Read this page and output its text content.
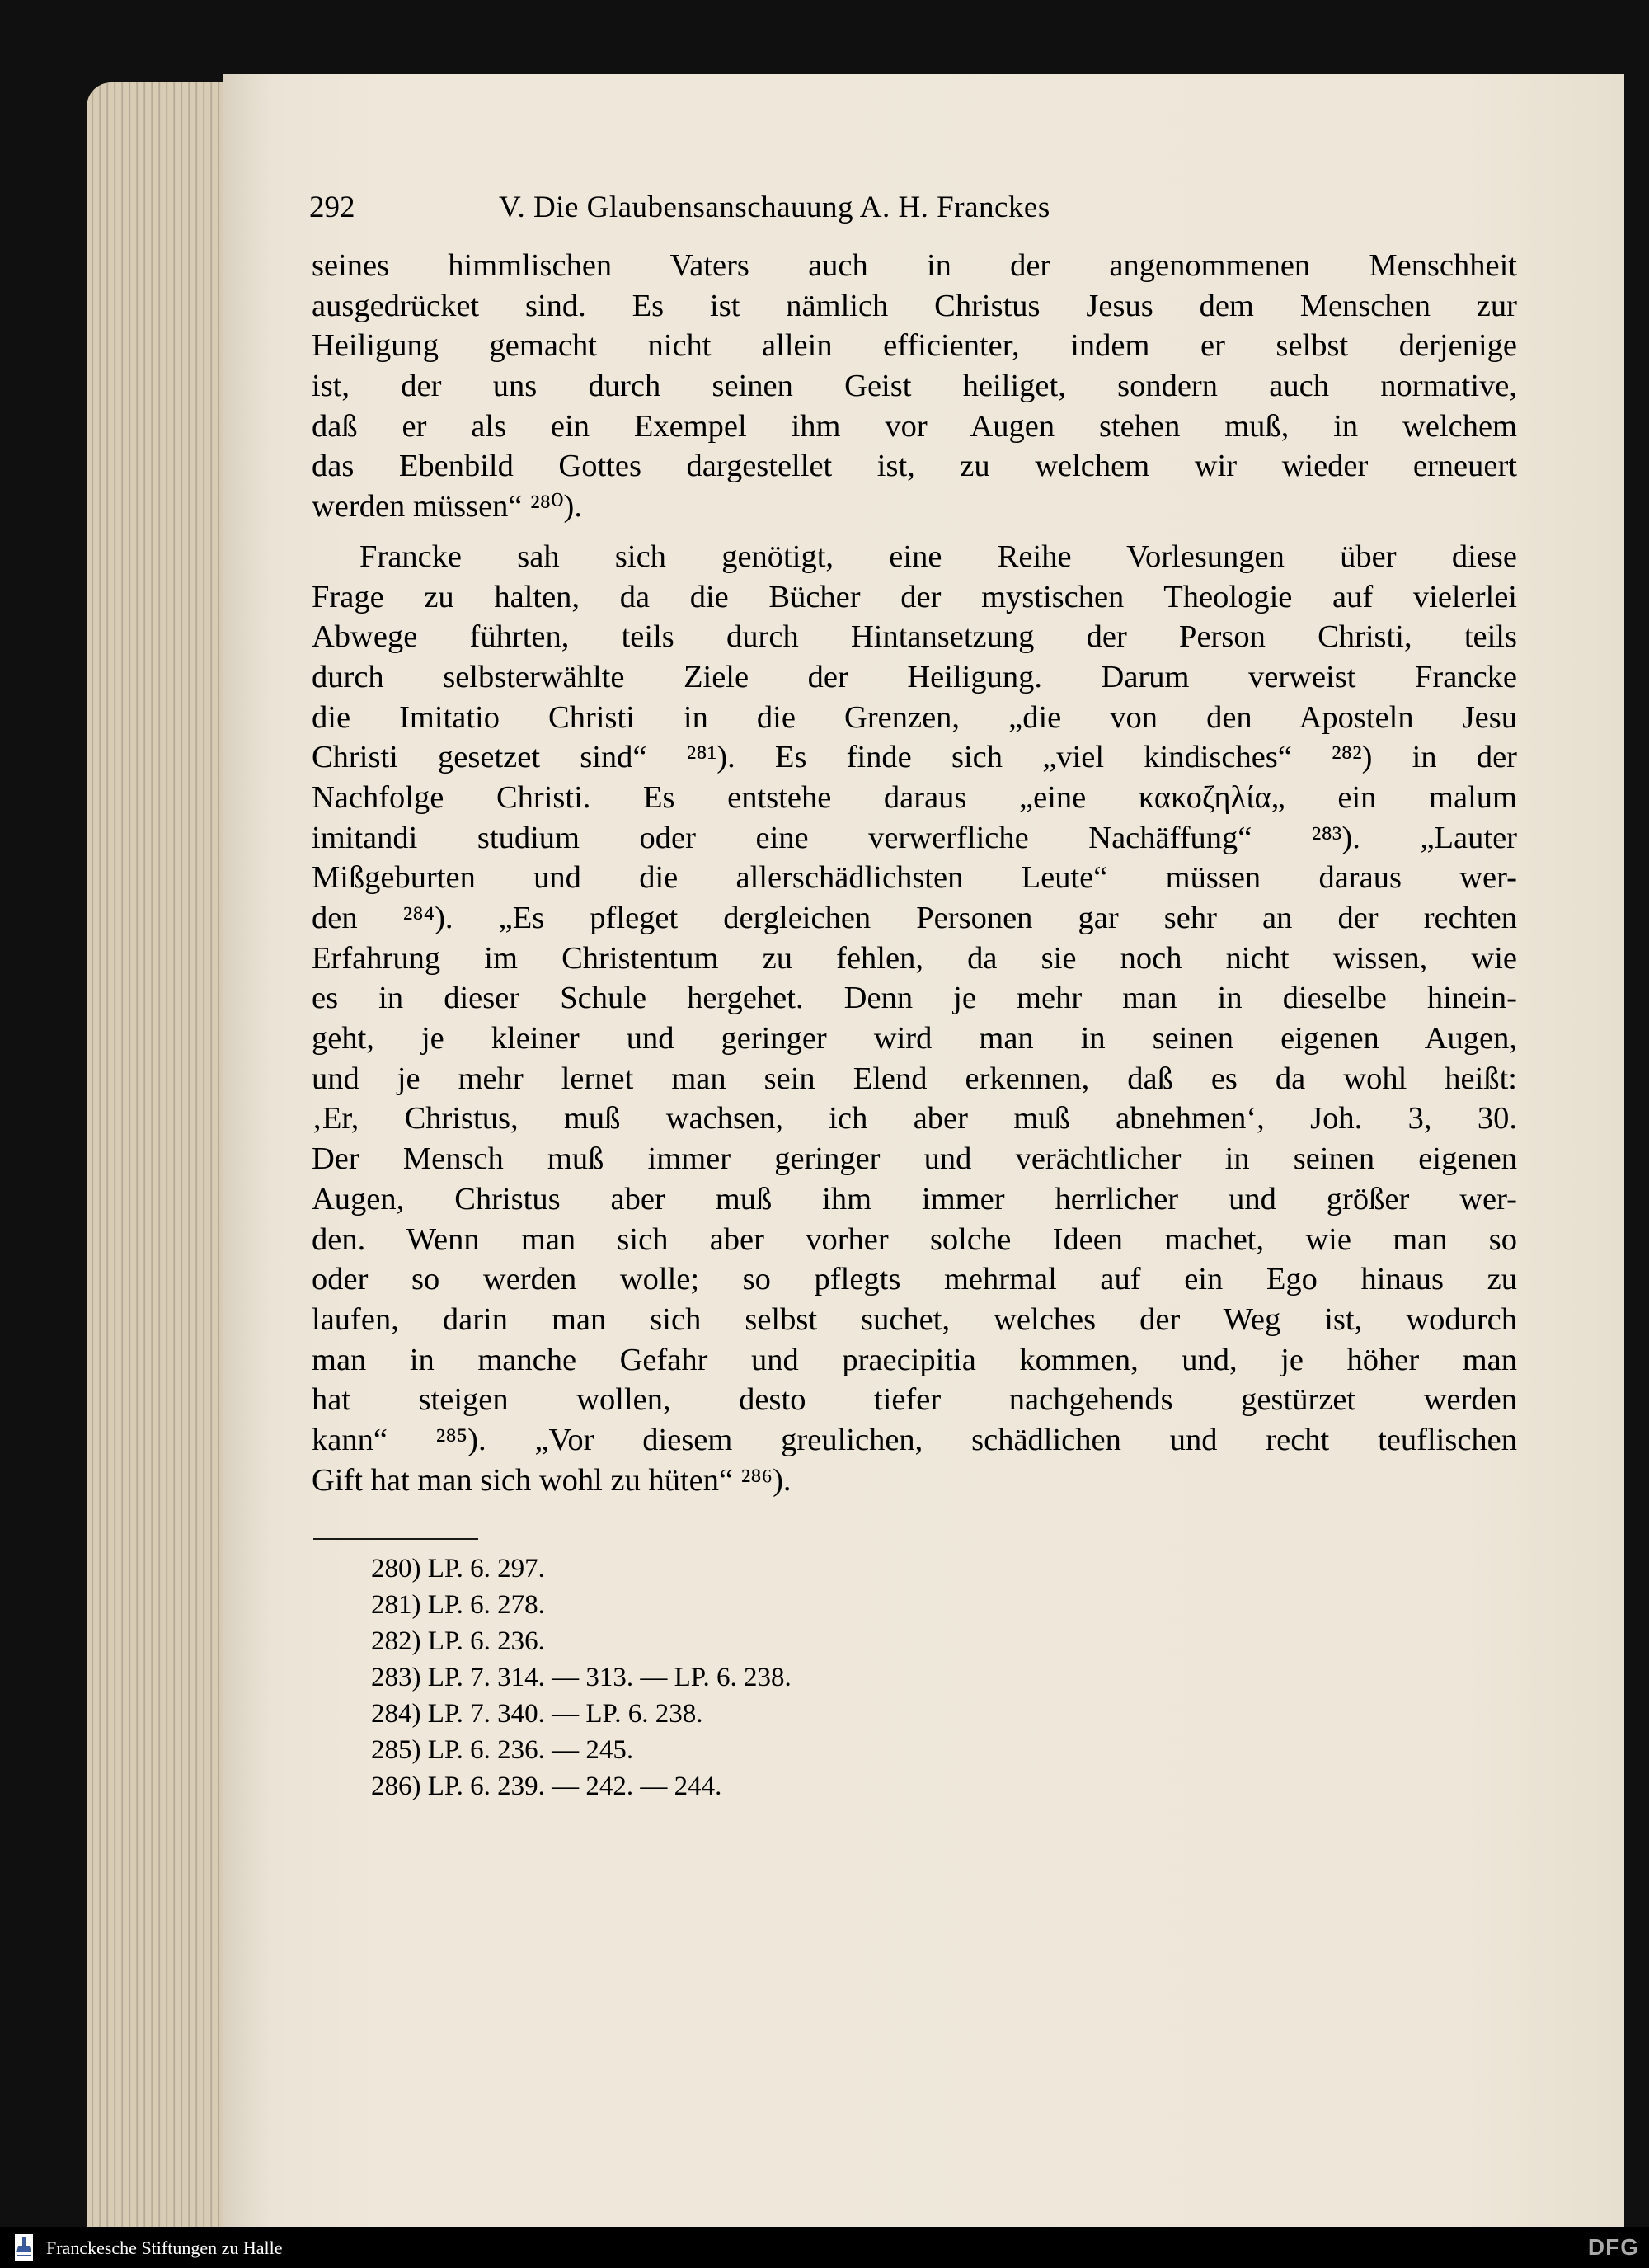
292	V. Die Glaubensanschauung A. H. Franckes
seines himmlischen Vaters auch in der angenommenen Menschheit
ausgedrücket sind. Es ist nämlich Christus Jesus dem Menschen zur
Heiligung gemacht nicht allein efficienter, indem er selbst derjenige
ist, der uns durch seinen Geist heiliget, sondern auch normative,
daß er als ein Exempel ihm vor Augen stehen muß, in welchem
das Ebenbild Gottes dargestellet ist, zu welchem wir wieder erneuert
werden müssen“ ²⁸⁰).
Francke sah sich genötigt, eine Reihe Vorlesungen über diese
Frage zu halten, da die Bücher der mystischen Theologie auf vielerlei
Abwege führten, teils durch Hintansetzung der Person Christi, teils
durch selbsterwählte Ziele der Heiligung. Darum verweist Francke
die Imitatio Christi in die Grenzen, „die von den Aposteln Jesu
Christi gesetzet sind“ ²⁸¹). Es finde sich „viel kindisches“ ²⁸²) in der
Nachfolge Christi. Es entstehe daraus „eine κακοζηλία„ ein malum
imitandi studium oder eine verwerfliche Nachäffung“ ²⁸³). „Lauter
Mißgeburten und die allerschädlichsten Leute“ müssen daraus wer-
den ²⁸⁴). „Es pfleget dergleichen Personen gar sehr an der rechten
Erfahrung im Christentum zu fehlen, da sie noch nicht wissen, wie
es in dieser Schule hergehet. Denn je mehr man in dieselbe hinein-
geht, je kleiner und geringer wird man in seinen eigenen Augen,
und je mehr lernet man sein Elend erkennen, daß es da wohl heißt:
‚Er, Christus, muß wachsen, ich aber muß abnehmen‘, Joh. 3, 30.
Der Mensch muß immer geringer und verächtlicher in seinen eigenen
Augen, Christus aber muß ihm immer herrlicher und größer wer-
den. Wenn man sich aber vorher solche Ideen machet, wie man so
oder so werden wolle; so pflegts mehrmal auf ein Ego hinaus zu
laufen, darin man sich selbst suchet, welches der Weg ist, wodurch
man in manche Gefahr und praecipitia kommen, und, je höher man
hat steigen wollen, desto tiefer nachgehends gestürzet werden
kann“ ²⁸⁵). „Vor diesem greulichen, schädlichen und recht teuflischen
Gift hat man sich wohl zu hüten“ ²⁸⁶).
280) LP. 6. 297.
281) LP. 6. 278.
282) LP. 6. 236.
283) LP. 7. 314. — 313. — LP. 6. 238.
284) LP. 7. 340. — LP. 6. 238.
285) LP. 6. 236. — 245.
286) LP. 6. 239. — 242. — 244.
Franckesche Stiftungen zu Halle	DFG
